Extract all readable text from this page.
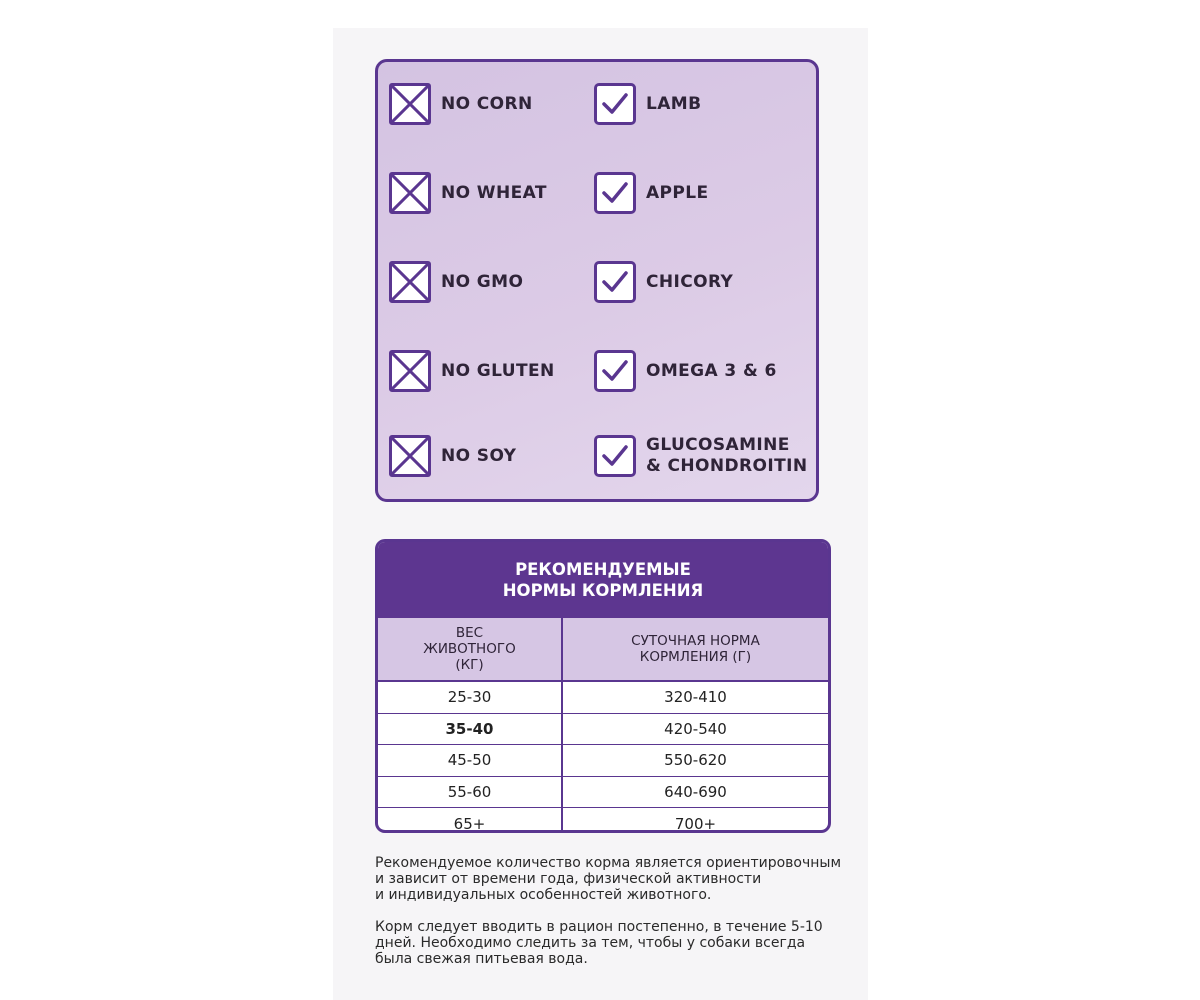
NO CORN
NO WHEAT
NO GMO
NO GLUTEN
NO SOY
LAMB
APPLE
CHICORY
OMEGA 3 & 6
GLUCOSAMINE
& CHONDROITIN
РЕКОМЕНДУЕМЫЕ
НОРМЫ КОРМЛЕНИЯ
ВЕС
ЖИВОТНОГО
(КГ)
СУТОЧНАЯ НОРМА
КОРМЛЕНИЯ (Г)
25-30	320-410
35-40	420-540
45-50	550-620
55-60	640-690
65+	700+
Рекомендуемое количество корма является ориентировочным
и зависит от времени года, физической активности
и индивидуальных особенностей животного.
Корм следует вводить в рацион постепенно, в течение 5-10
дней. Необходимо следить за тем, чтобы у собаки всегда
была свежая питьевая вода.
